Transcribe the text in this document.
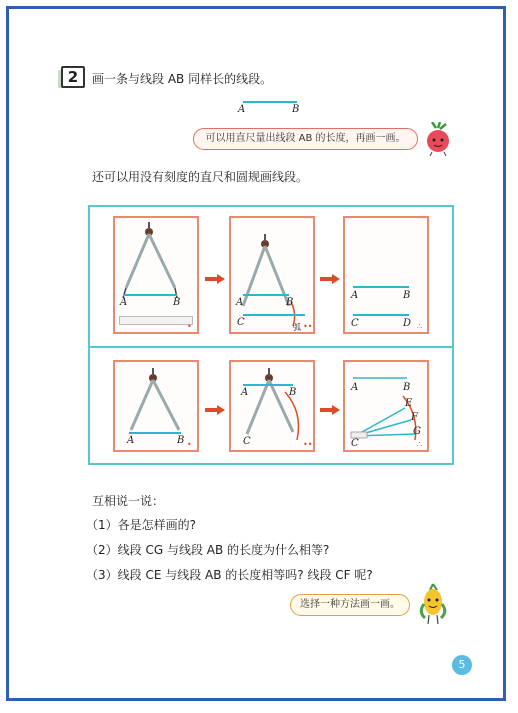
2	画一条与线段 AB 同样长的线段。
A	B
可以用直尺量出线段 AB 的长度，再画一画。
还可以用没有刻度的直尺和圆规画线段。
A	B
•
A	B
C	弧 ••
A	B
C	D ∴
A	B •
A	B
C	••
A	B
E
F
C
G
∴
互相说一说：
（1）各是怎样画的?
（2）线段 CG 与线段 AB 的长度为什么相等?
（3）线段 CE 与线段 AB 的长度相等吗? 线段 CF 呢?
选择一种方法画一画。
5
